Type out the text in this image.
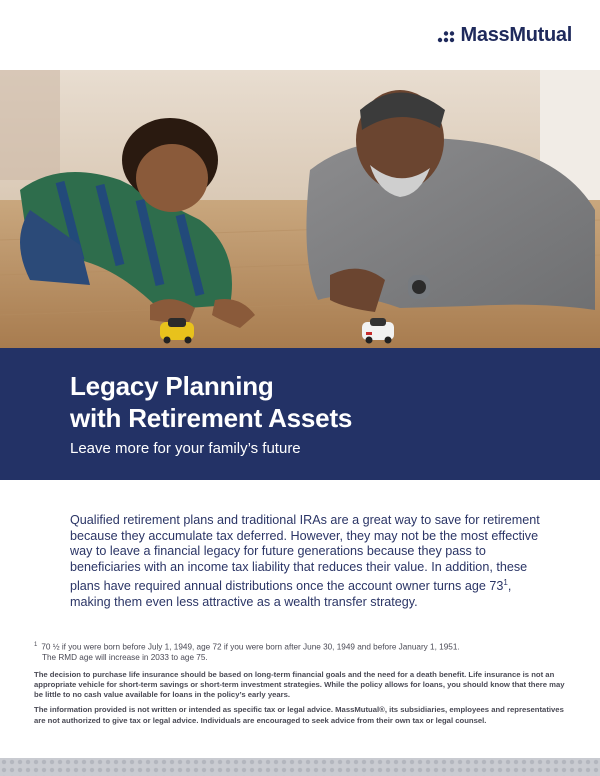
MassMutual
Legacy Planning
with Retirement Assets
Leave more for your family’s future

Qualified retirement plans and traditional IRAs are a great way to save for retirement because they accumulate tax deferred. However, they may not be the most effective way to leave a financial legacy for future generations because they pass to beneficiaries with an income tax liability that reduces their value. In addition, these plans have required annual distributions once the account owner turns age $73^1$, making them even less attractive as a wealth transfer strategy.

$^1$ 70 ½ if you were born before July 1, 1949, age 72 if you were born after June 30, 1949 and before January 1, 1951.
The RMD age will increase in 2033 to age 75.

The decision to purchase life insurance should be based on long-term financial goals and the need for a death benefit. Life insurance is not an appropriate vehicle for short-term savings or short-term investment strategies. While the policy allows for loans, you should know that there may be little to no cash value available for loans in the policy’s early years.

The information provided is not written or intended as specific tax or legal advice. MassMutual®, its subsidiaries, employees and representatives are not authorized to give tax or legal advice. Individuals are encouraged to seek advice from their own tax or legal counsel.
